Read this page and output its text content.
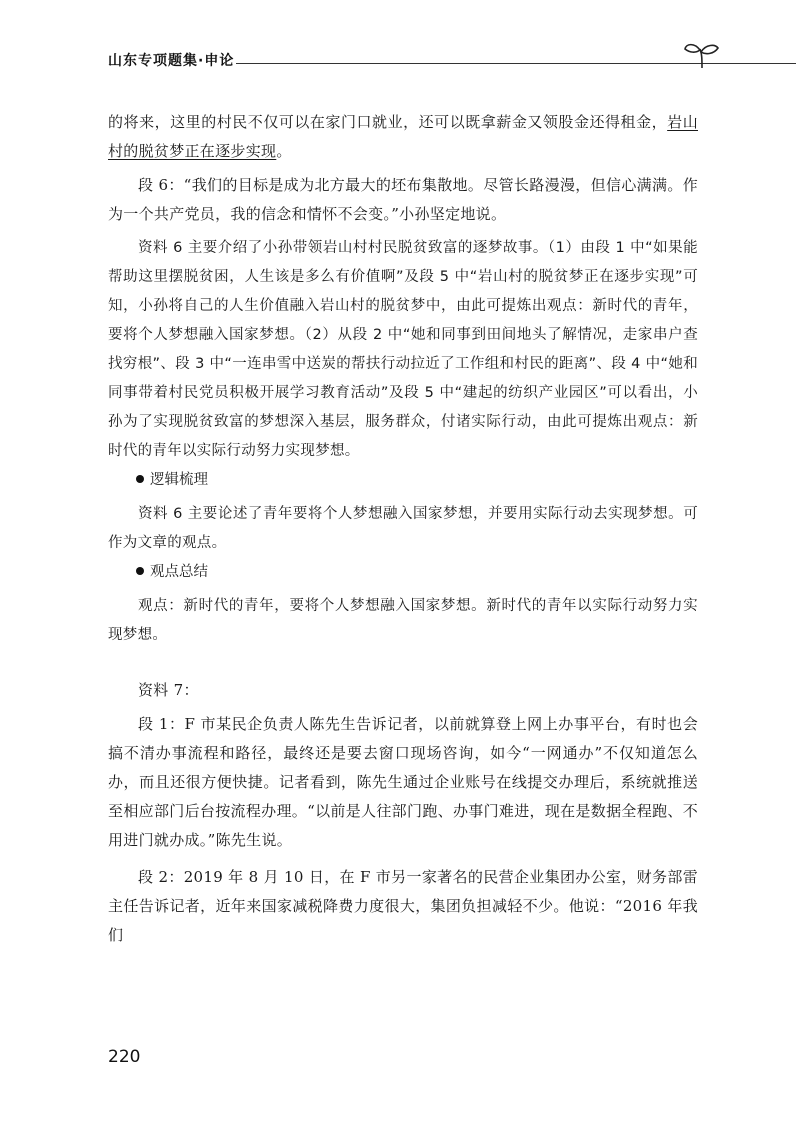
山东专项题集·申论

的将来，这里的村民不仅可以在家门口就业，还可以既拿薪金又领股金还得租金，岩山村的脱贫梦正在逐步实现。

段 6：“我们的目标是成为北方最大的坯布集散地。尽管长路漫漫，但信心满满。作为一个共产党员，我的信念和情怀不会变。”小孙坚定地说。

资料 6 主要介绍了小孙带领岩山村村民脱贫致富的逐梦故事。（1）由段 1 中“如果能帮助这里摆脱贫困，人生该是多么有价值啊”及段 5 中“岩山村的脱贫梦正在逐步实现”可知，小孙将自己的人生价值融入岩山村的脱贫梦中，由此可提炼出观点：新时代的青年，要将个人梦想融入国家梦想。（2）从段 2 中“她和同事到田间地头了解情况，走家串户查找穷根”、段 3 中“一连串雪中送炭的帮扶行动拉近了工作组和村民的距离”、段 4 中“她和同事带着村民党员积极开展学习教育活动”及段 5 中“建起的纺织产业园区”可以看出，小孙为了实现脱贫致富的梦想深入基层，服务群众，付诸实际行动，由此可提炼出观点：新时代的青年以实际行动努力实现梦想。

逻辑梳理

资料 6 主要论述了青年要将个人梦想融入国家梦想，并要用实际行动去实现梦想。可作为文章的观点。

观点总结

观点：新时代的青年，要将个人梦想融入国家梦想。新时代的青年以实际行动努力实现梦想。

资料 7：

段 1：F 市某民企负责人陈先生告诉记者，以前就算登上网上办事平台，有时也会搞不清办事流程和路径，最终还是要去窗口现场咨询，如今“一网通办”不仅知道怎么办，而且还很方便快捷。记者看到，陈先生通过企业账号在线提交办理后，系统就推送至相应部门后台按流程办理。“以前是人往部门跑、办事门难进，现在是数据全程跑、不用进门就办成。”陈先生说。

段 2：2019 年 8 月 10 日，在 F 市另一家著名的民营企业集团办公室，财务部雷主任告诉记者，近年来国家减税降费力度很大，集团负担减轻不少。他说：“2016 年我们

220
